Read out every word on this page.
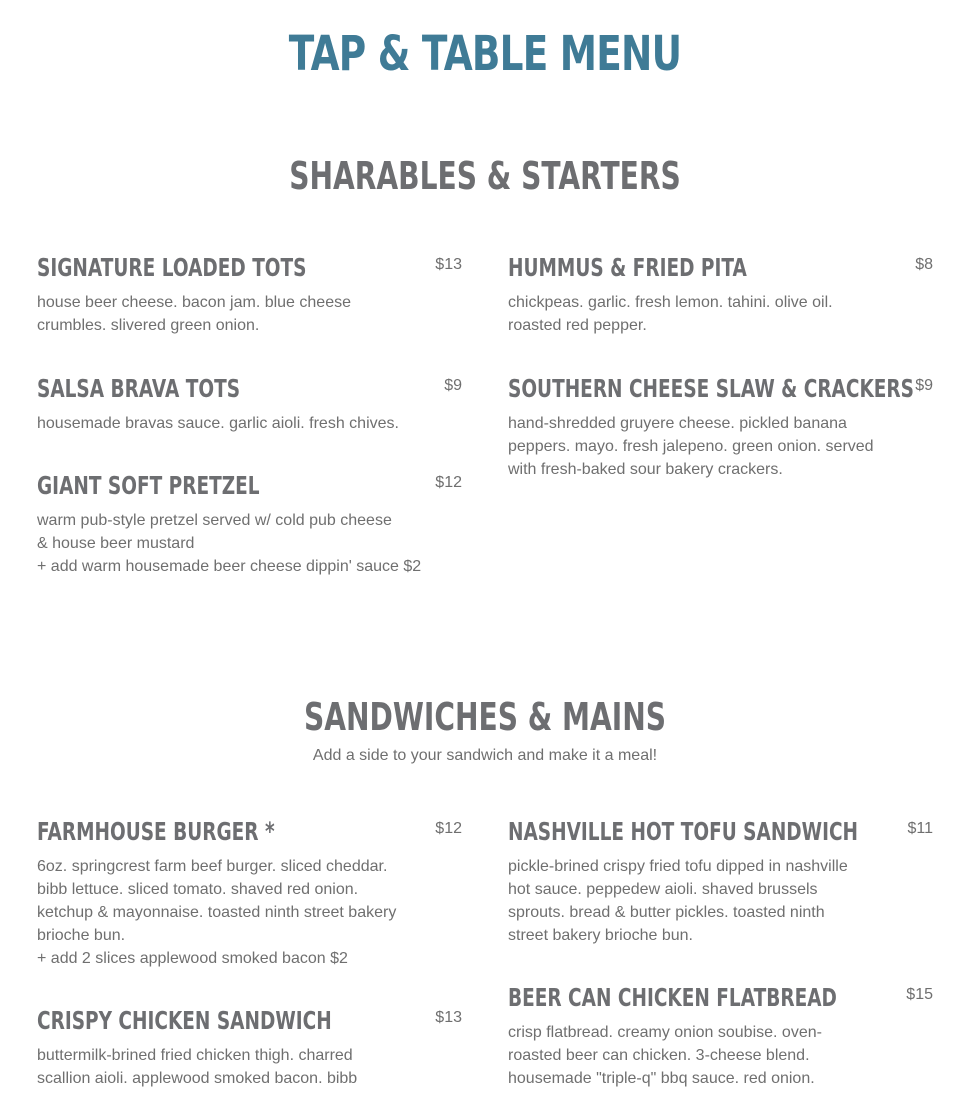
TAP & TABLE MENU
SHARABLES & STARTERS
SIGNATURE LOADED TOTS	$13
house beer cheese. bacon jam. blue cheese
crumbles. slivered green onion.
HUMMUS & FRIED PITA	$8
chickpeas. garlic. fresh lemon. tahini. olive oil.
roasted red pepper.
SALSA BRAVA TOTS	$9
housemade bravas sauce. garlic aioli. fresh chives.
SOUTHERN CHEESE SLAW & CRACKERS $9
hand-shredded gruyere cheese. pickled banana
peppers. mayo. fresh jalepeno. green onion. served
with fresh-baked sour bakery crackers.
GIANT SOFT PRETZEL	$12
warm pub-style pretzel served w/ cold pub cheese
& house beer mustard
+ add warm housemade beer cheese dippin' sauce $2
SANDWICHES & MAINS

Add a side to your sandwich and make it a meal!

FARMHOUSE BURGER *	$12
6oz. springcrest farm beef burger. sliced cheddar.
bibb lettuce. sliced tomato. shaved red onion.
ketchup & mayonnaise. toasted ninth street bakery
brioche bun.
+ add 2 slices applewood smoked bacon $2
NASHVILLE HOT TOFU SANDWICH	$11
pickle-brined crispy fried tofu dipped in nashville
hot sauce. peppedew aioli. shaved brussels
sprouts. bread & butter pickles. toasted ninth
street bakery brioche bun.
CRISPY CHICKEN SANDWICH	$13
buttermilk-brined fried chicken thigh. charred
scallion aioli. applewood smoked bacon. bibb
BEER CAN CHICKEN FLATBREAD	$15
crisp flatbread. creamy onion soubise. oven-
roasted beer can chicken. 3-cheese blend.
housemade "triple-q" bbq sauce. red onion.
